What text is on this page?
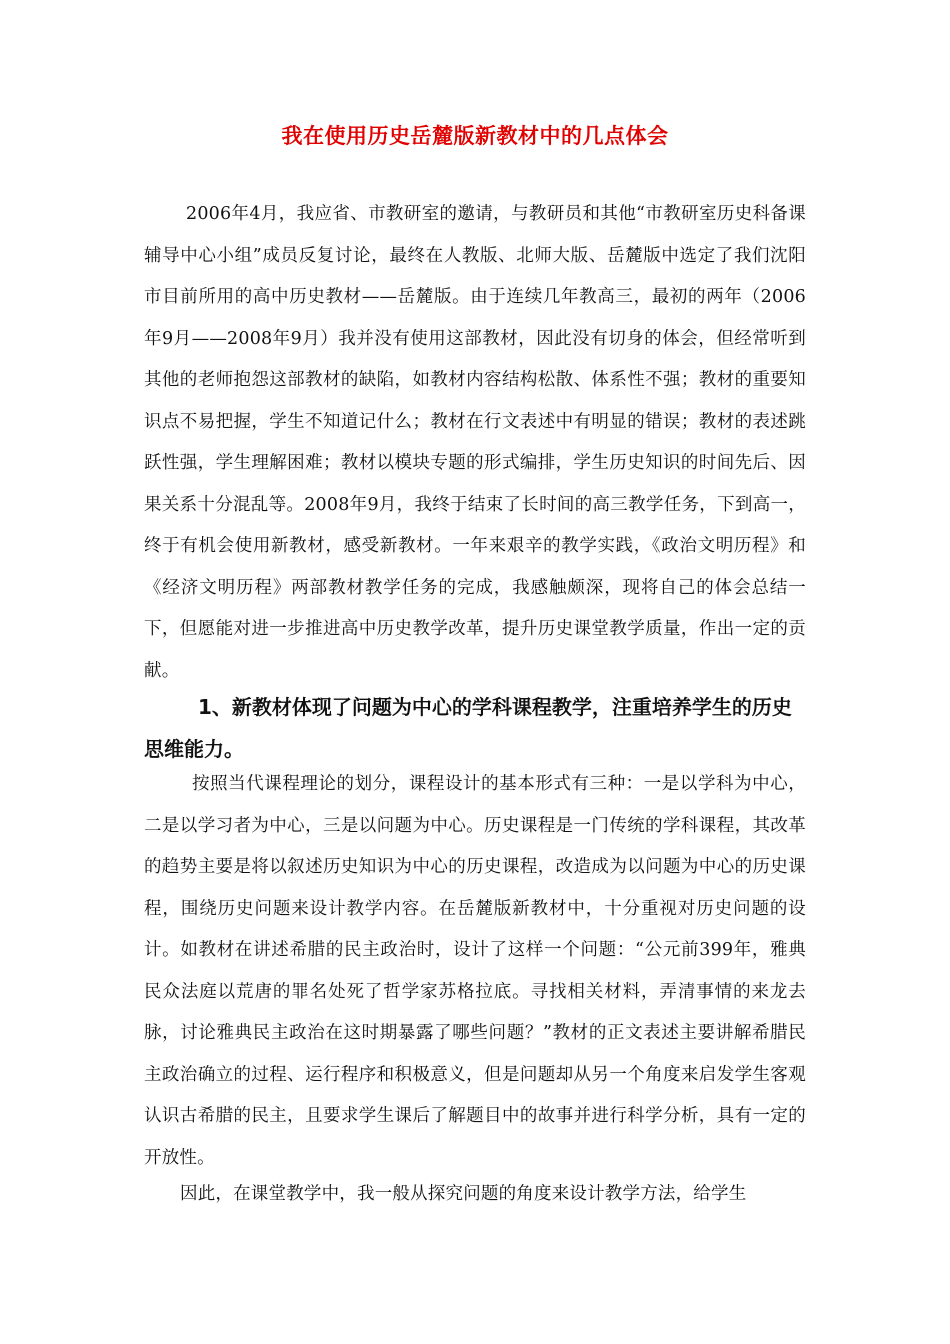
我在使用历史岳麓版新教材中的几点体会

2006年4月，我应省、市教研室的邀请，与教研员和其他“市教研室历史科备课辅导中心小组”成员反复讨论，最终在人教版、北师大版、岳麓版中选定了我们沈阳市目前所用的高中历史教材——岳麓版。由于连续几年教高三，最初的两年（2006年9月——2008年9月）我并没有使用这部教材，因此没有切身的体会，但经常听到其他的老师抱怨这部教材的缺陷，如教材内容结构松散、体系性不强；教材的重要知识点不易把握，学生不知道记什么；教材在行文表述中有明显的错误；教材的表述跳跃性强，学生理解困难；教材以模块专题的形式编排，学生历史知识的时间先后、因果关系十分混乱等。2008年9月，我终于结束了长时间的高三教学任务，下到高一，终于有机会使用新教材，感受新教材。一年来艰辛的教学实践，《政治文明历程》和《经济文明历程》两部教材教学任务的完成，我感触颇深，现将自己的体会总结一下，但愿能对进一步推进高中历史教学改革，提升历史课堂教学质量，作出一定的贡献。

1、新教材体现了问题为中心的学科课程教学，注重培养学生的历史思维能力。

按照当代课程理论的划分，课程设计的基本形式有三种：一是以学科为中心，二是以学习者为中心，三是以问题为中心。历史课程是一门传统的学科课程，其改革的趋势主要是将以叙述历史知识为中心的历史课程，改造成为以问题为中心的历史课程，围绕历史问题来设计教学内容。在岳麓版新教材中，十分重视对历史问题的设计。如教材在讲述希腊的民主政治时，设计了这样一个问题：“公元前399年，雅典民众法庭以荒唐的罪名处死了哲学家苏格拉底。寻找相关材料，弄清事情的来龙去脉，讨论雅典民主政治在这时期暴露了哪些问题？”教材的正文表述主要讲解希腊民主政治确立的过程、运行程序和积极意义，但是问题却从另一个角度来启发学生客观认识古希腊的民主，且要求学生课后了解题目中的故事并进行科学分析，具有一定的开放性。

因此，在课堂教学中，我一般从探究问题的角度来设计教学方法，给学生
